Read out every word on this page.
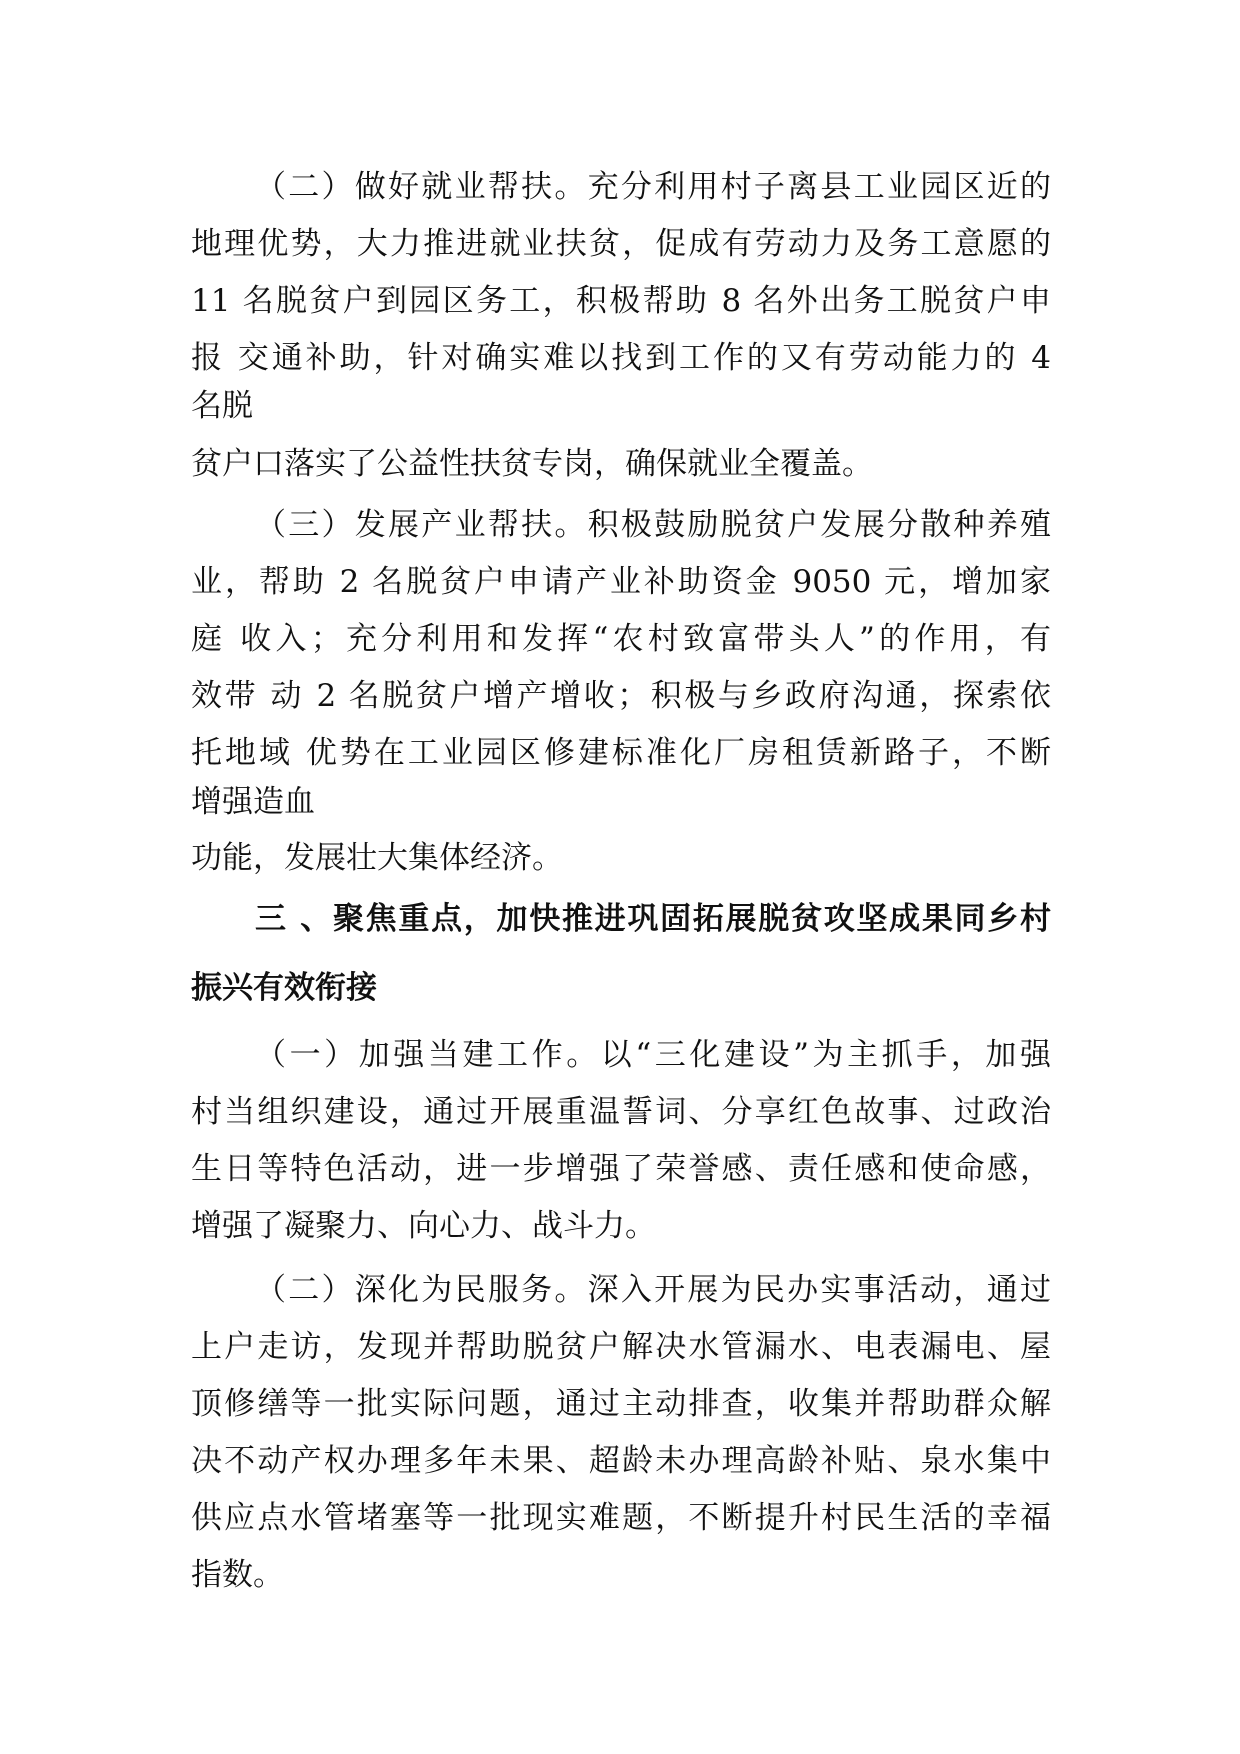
（二）做好就业帮扶。充分利用村子离县工业园区近的
地理优势，大力推进就业扶贫，促成有劳动力及务工意愿的
11 名脱贫户到园区务工，积极帮助 8 名外出务工脱贫户申
报 交通补助，针对确实难以找到工作的又有劳动能力的 4
名脱
贫户口落实了公益性扶贫专岗，确保就业全覆盖。
（三）发展产业帮扶。积极鼓励脱贫户发展分散种养殖
业，帮助 2 名脱贫户申请产业补助资金 9050 元，增加家
庭 收入；充分利用和发挥“农村致富带头人”的作用，有
效带 动 2 名脱贫户增产增收；积极与乡政府沟通，探索依
托地域 优势在工业园区修建标准化厂房租赁新路子，不断
增强造血
功能，发展壮大集体经济。
三 、聚焦重点，加快推进巩固拓展脱贫攻坚成果同乡村
振兴有效衔接
（一）加强当建工作。以“三化建设”为主抓手，加强
村当组织建设，通过开展重温誓词、分享红色故事、过政治
生日等特色活动，进一步增强了荣誉感、责任感和使命感，
增强了凝聚力、向心力、战斗力。
（二）深化为民服务。深入开展为民办实事活动，通过
上户走访，发现并帮助脱贫户解决水管漏水、电表漏电、屋
顶修缮等一批实际问题，通过主动排查，收集并帮助群众解
决不动产权办理多年未果、超龄未办理高龄补贴、泉水集中
供应点水管堵塞等一批现实难题，不断提升村民生活的幸福
指数。
